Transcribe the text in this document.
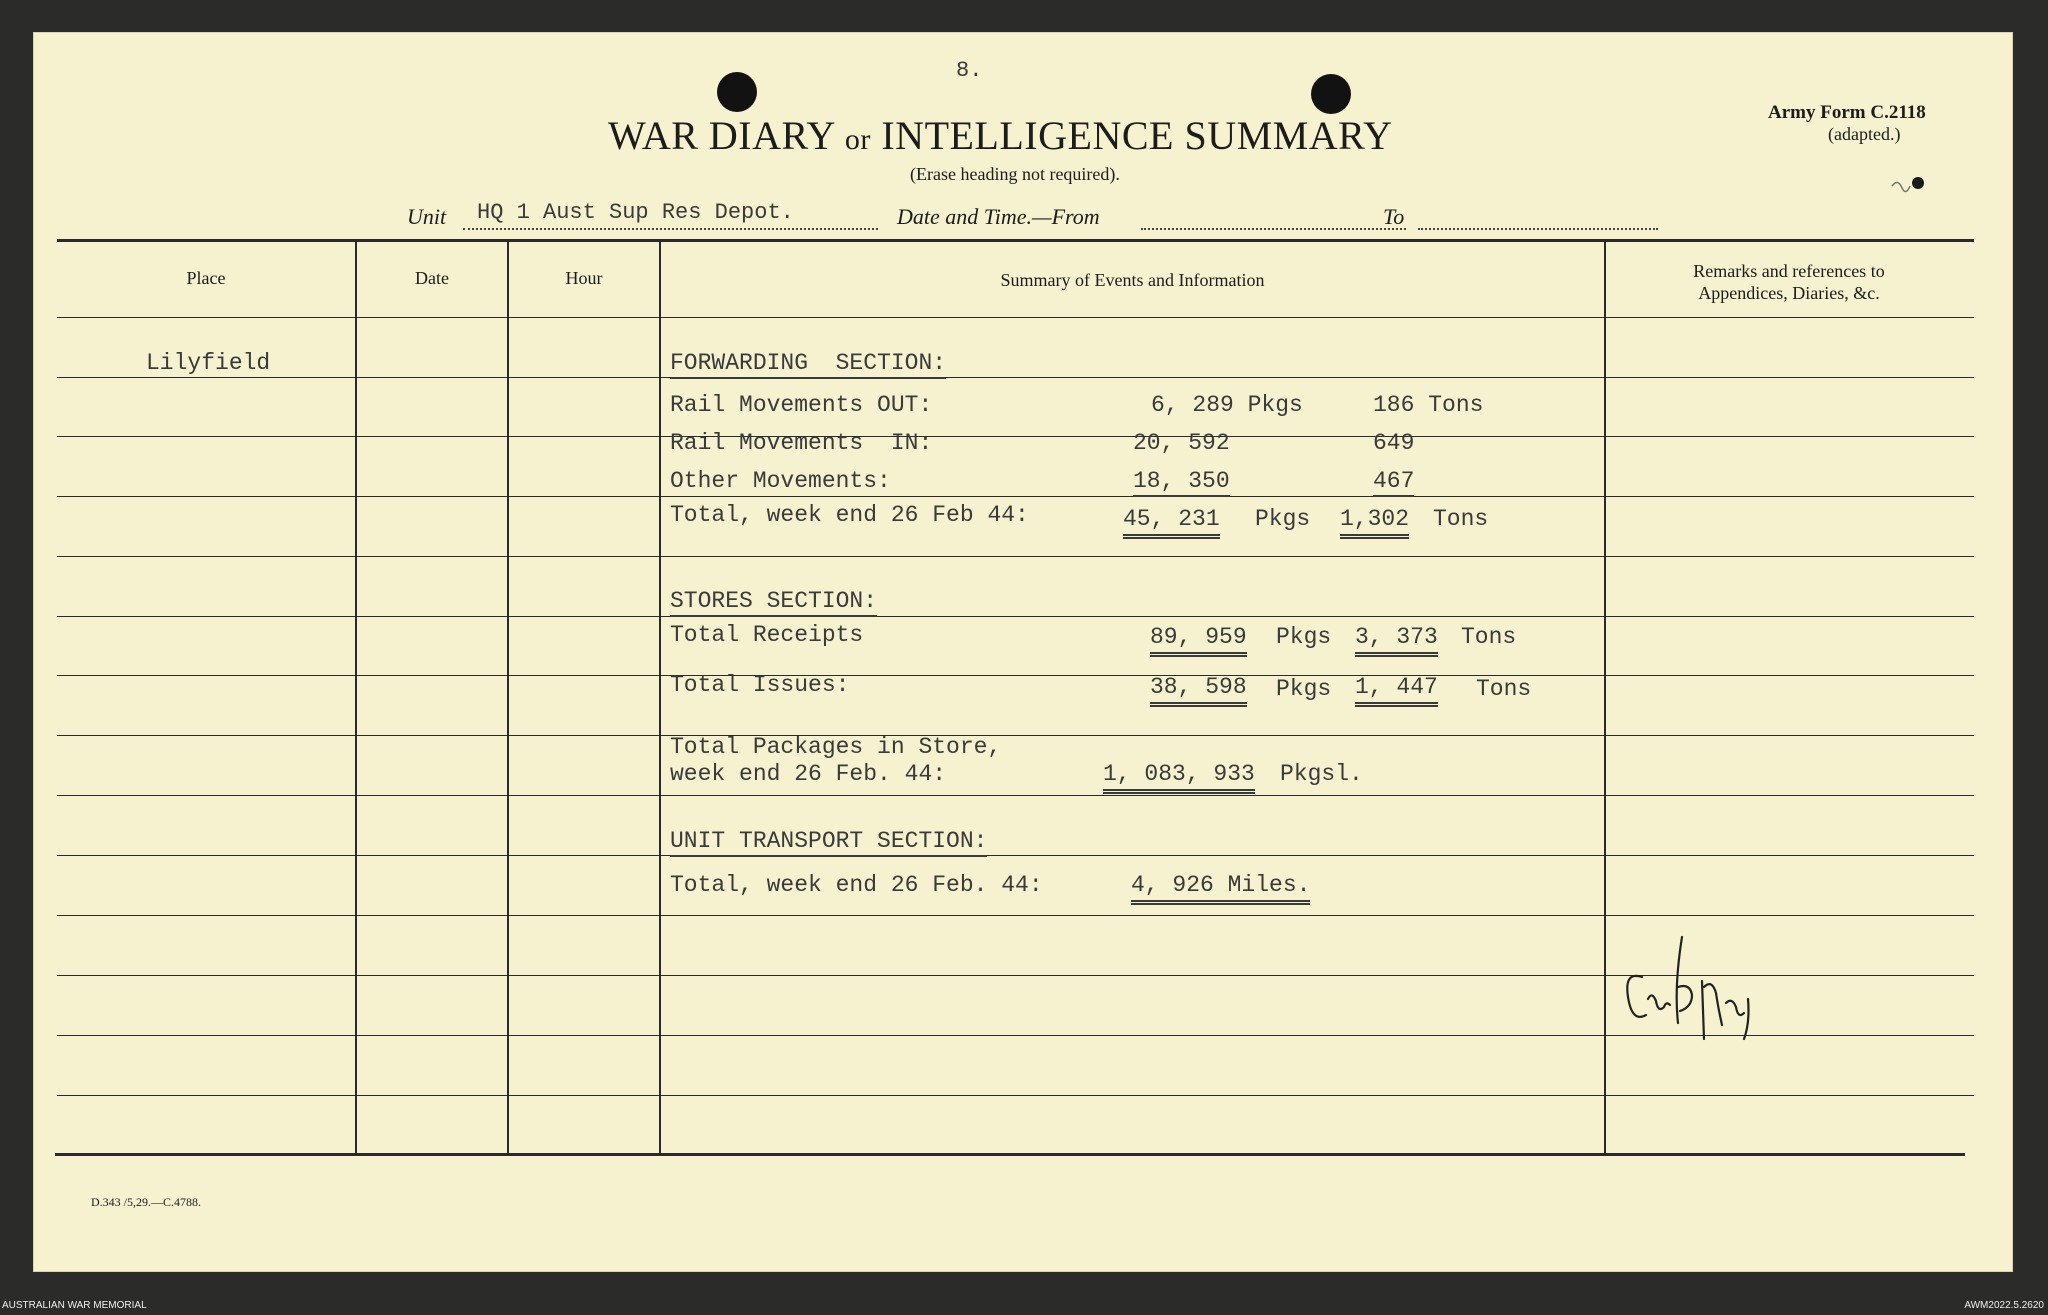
8.
WAR DIARY or INTELLIGENCE SUMMARY
(Erase heading not required).
Army Form C.2118
(adapted.)
Unit HQ 1 Aust Sup Res Depot.	Date and Time.—From	To
Place	Date	Hour	Summary of Events and Information	Remarks and references to
Appendices, Diaries, &c.
Lilyfield	FORWARDING  SECTION:
Rail Movements OUT:	6, 289 Pkgs	186 Tons
Rail Movements  IN:	20, 592	649
Other Movements:	18, 350	467
Total, week end 26 Feb 44:	45, 231 Pkgs 1,302 Tons
STORES SECTION:
Total Receipts	89, 959 Pkgs 3, 373 Tons
Total Issues:	38, 598 Pkgs 1, 447 Tons
Total Packages in Store,
week end 26 Feb. 44:	1, 083, 933 Pkgsl.
UNIT TRANSPORT SECTION:
Total, week end 26 Feb. 44:	4, 926 Miles.
D.343 /5,29.—C.4788.
AUSTRALIAN WAR MEMORIAL	AWM2022.5.2620
